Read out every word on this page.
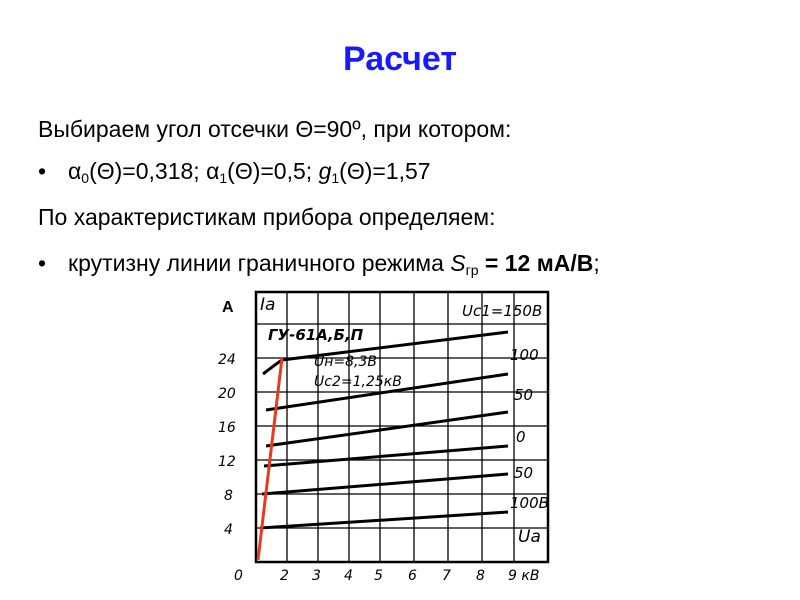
Расчет
Выбираем угол отсечки Θ=90º, при котором:
• $\alpha_0(\Theta)=0,318$; $\alpha_1(\Theta)=0,5$; $g_1(\Theta)=1,57$
По характеристикам прибора определяем:
• крутизну линии граничного режима $S_{гр} = 12$ мА/В;
А Iа
ГУ-61А,Б,П
Uн=8,3В
Uс2=1,25кВ
Uс1=150В
100
50
0
50
100В
Uа
24
20
16
12
8
4
0	2 3 4 5 6 7 8 9 кВ
